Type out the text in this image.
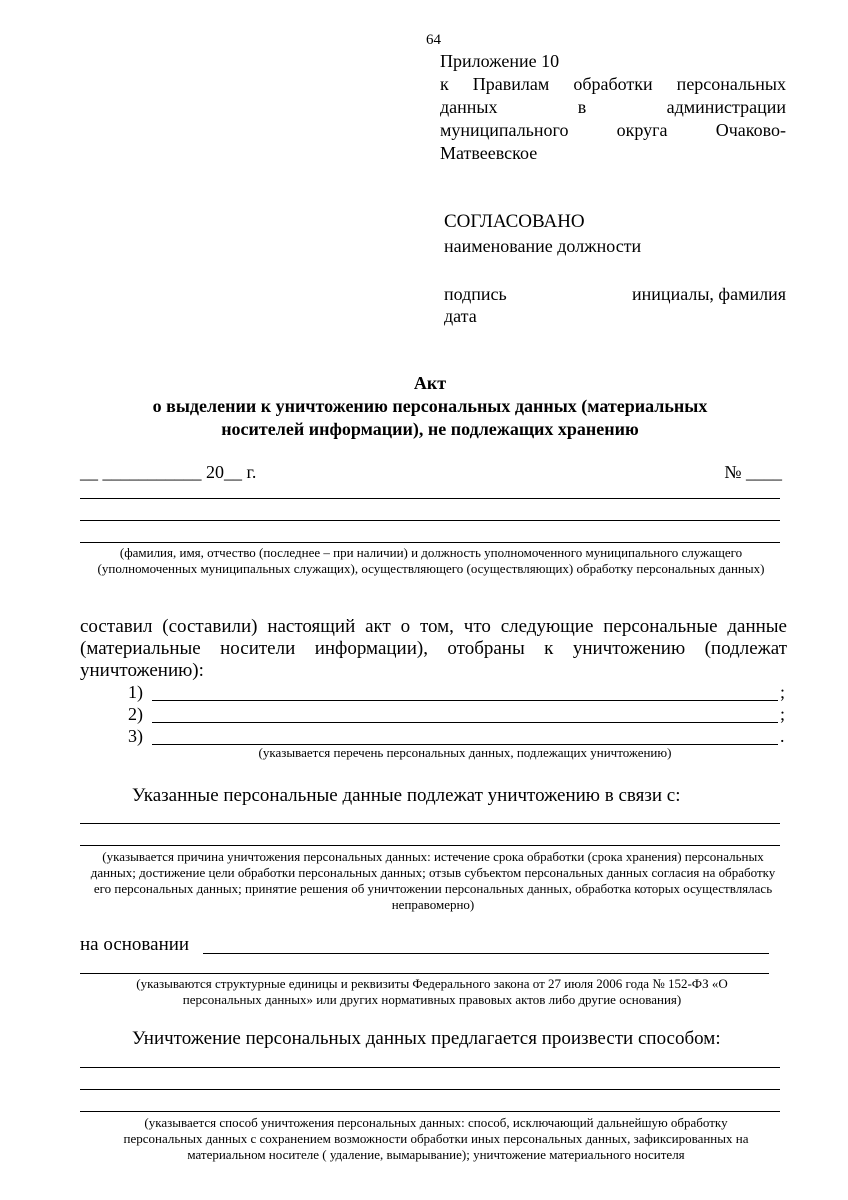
64
Приложение 10
к Правилам обработки персональных
данных в администрации
муниципального округа Очаково-
Матвеевское
СОГЛАСОВАНО
наименование должности
подпись	инициалы, фамилия
дата
Акт
о выделении к уничтожению персональных данных (материальных
носителей информации), не подлежащих хранению
__ ___________ 20__ г.	№ ____
(фамилия, имя, отчество (последнее – при наличии) и должность уполномоченного муниципального служащего (уполномоченных муниципальных служащих), осуществляющего (осуществляющих) обработку персональных данных)
составил (составили) настоящий акт о том, что следующие персональные данные (материальные носители информации), отобраны к уничтожению (подлежат уничтожению):
1)	;
2)	;
3)	.
(указывается перечень персональных данных, подлежащих уничтожению)
Указанные персональные данные подлежат уничтожению в связи с:
(указывается причина уничтожения персональных данных: истечение срока обработки (срока хранения) персональных данных; достижение цели обработки персональных данных; отзыв субъектом персональных данных согласия на обработку его персональных данных; принятие решения об уничтожении персональных данных, обработка которых осуществлялась неправомерно)
на основании
(указываются структурные единицы и реквизиты Федерального закона от 27 июля 2006 года № 152-ФЗ «О персональных данных» или других нормативных правовых актов либо другие основания)
Уничтожение персональных данных предлагается произвести способом:
(указывается способ уничтожения персональных данных: способ, исключающий дальнейшую обработку персональных данных с сохранением возможности обработки иных персональных данных, зафиксированных на материальном носителе ( удаление, вымарывание); уничтожение материального носителя
